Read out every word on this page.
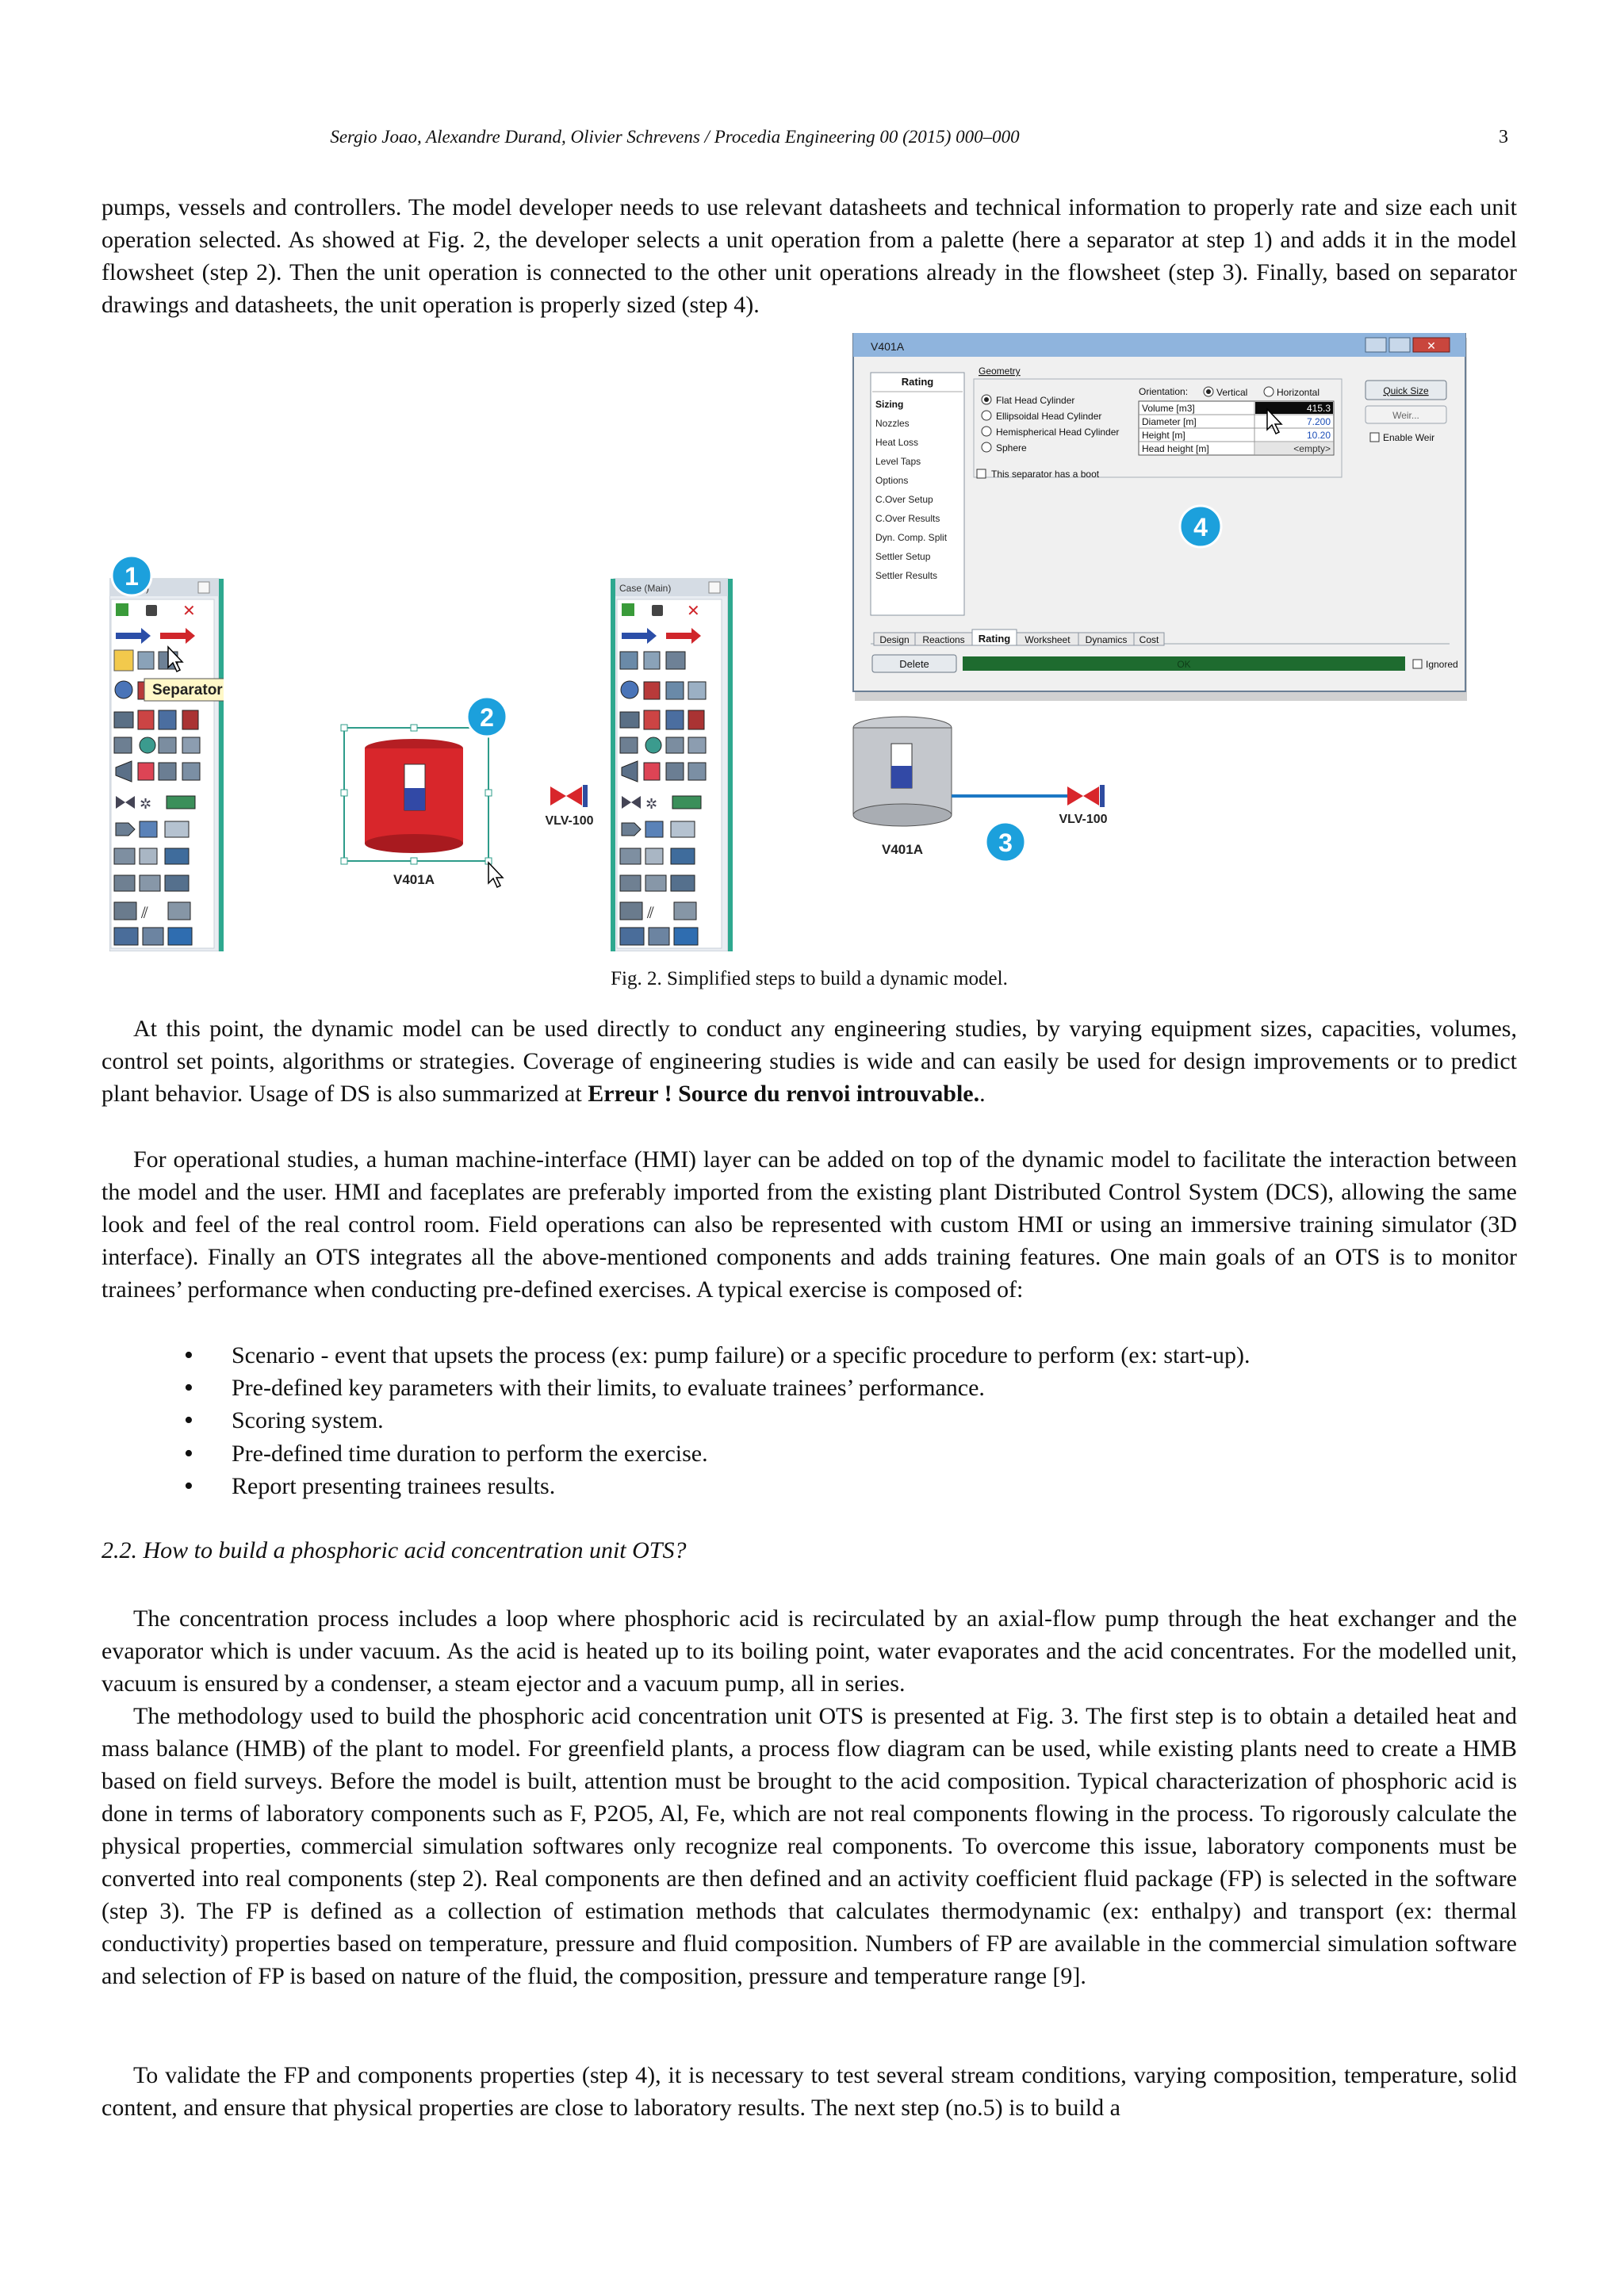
Sergio Joao, Alexandre Durand, Olivier Schrevens / Procedia Engineering 00 (2015) 000–000	3

pumps, vessels and controllers. The model developer needs to use relevant datasheets and technical information to properly rate and size each unit operation selected. As showed at Fig. 2, the developer selects a unit operation from a palette (here a separator at step 1) and adds it in the model flowsheet (step 2). Then the unit operation is connected to the other unit operations already in the flowsheet (step 3). Finally, based on separator drawings and datasheets, the unit operation is properly sized (step 4).

✕
✲
⫽
Separator
1
V401A
VLV-100
2
Case (Main)
✕
✲
⫽
V401A
VLV-100
3
V401A	✕
Rating
Sizing
Nozzles
Heat Loss
Level Taps
Options
C.Over Setup
C.Over Results
Dyn. Comp. Split
Settler Setup
Settler Results
Geometry
Flat Head Cylinder
Ellipsoidal Head Cylinder
Hemispherical Head Cylinder
Sphere
Orientation:	Vertical	Horizontal
Volume [m3]	415.3
Diameter [m]	7.200
Height [m]	10.20
Head height [m]	<empty>
This separator has a boot
Quick Size
Weir...
Enable Weir
Design Reactions Rating Worksheet Dynamics Cost
Delete	OK	Ignored
4
Fig. 2. Simplified steps to build a dynamic model.

At this point, the dynamic model can be used directly to conduct any engineering studies, by varying equipment sizes, capacities, volumes, control set points, algorithms or strategies. Coverage of engineering studies is wide and can easily be used for design improvements or to predict plant behavior. Usage of DS is also summarized at Erreur ! Source du renvoi introuvable..

For operational studies, a human machine-interface (HMI) layer can be added on top of the dynamic model to facilitate the interaction between the model and the user. HMI and faceplates are preferably imported from the existing plant Distributed Control System (DCS), allowing the same look and feel of the real control room. Field operations can also be represented with custom HMI or using an immersive training simulator (3D interface). Finally an OTS integrates all the above-mentioned components and adds training features. One main goals of an OTS is to monitor trainees’ performance when conducting pre-defined exercises. A typical exercise is composed of:

• Scenario - event that upsets the process (ex: pump failure) or a specific procedure to perform (ex: start-up).
• Pre-defined key parameters with their limits, to evaluate trainees’ performance.
• Scoring system.
• Pre-defined time duration to perform the exercise.
• Report presenting trainees results.
2.2. How to build a phosphoric acid concentration unit OTS?

The concentration process includes a loop where phosphoric acid is recirculated by an axial-flow pump through the heat exchanger and the evaporator which is under vacuum. As the acid is heated up to its boiling point, water evaporates and the acid concentrates. For the modelled unit, vacuum is ensured by a condenser, a steam ejector and a vacuum pump, all in series.

The methodology used to build the phosphoric acid concentration unit OTS is presented at Fig. 3. The first step is to obtain a detailed heat and mass balance (HMB) of the plant to model. For greenfield plants, a process flow diagram can be used, while existing plants need to create a HMB based on field surveys. Before the model is built, attention must be brought to the acid composition. Typical characterization of phosphoric acid is done in terms of laboratory components such as F, P2O5, Al, Fe, which are not real components flowing in the process. To rigorously calculate the physical properties, commercial simulation softwares only recognize real components. To overcome this issue, laboratory components must be converted into real components (step 2). Real components are then defined and an activity coefficient fluid package (FP) is selected in the software (step 3). The FP is defined as a collection of estimation methods that calculates thermodynamic (ex: enthalpy) and transport (ex: thermal conductivity) properties based on temperature, pressure and fluid composition. Numbers of FP are available in the commercial simulation software and selection of FP is based on nature of the fluid, the composition, pressure and temperature range [9].

To validate the FP and components properties (step 4), it is necessary to test several stream conditions, varying composition, temperature, solid content, and ensure that physical properties are close to laboratory results. The next step (no.5) is to build a
